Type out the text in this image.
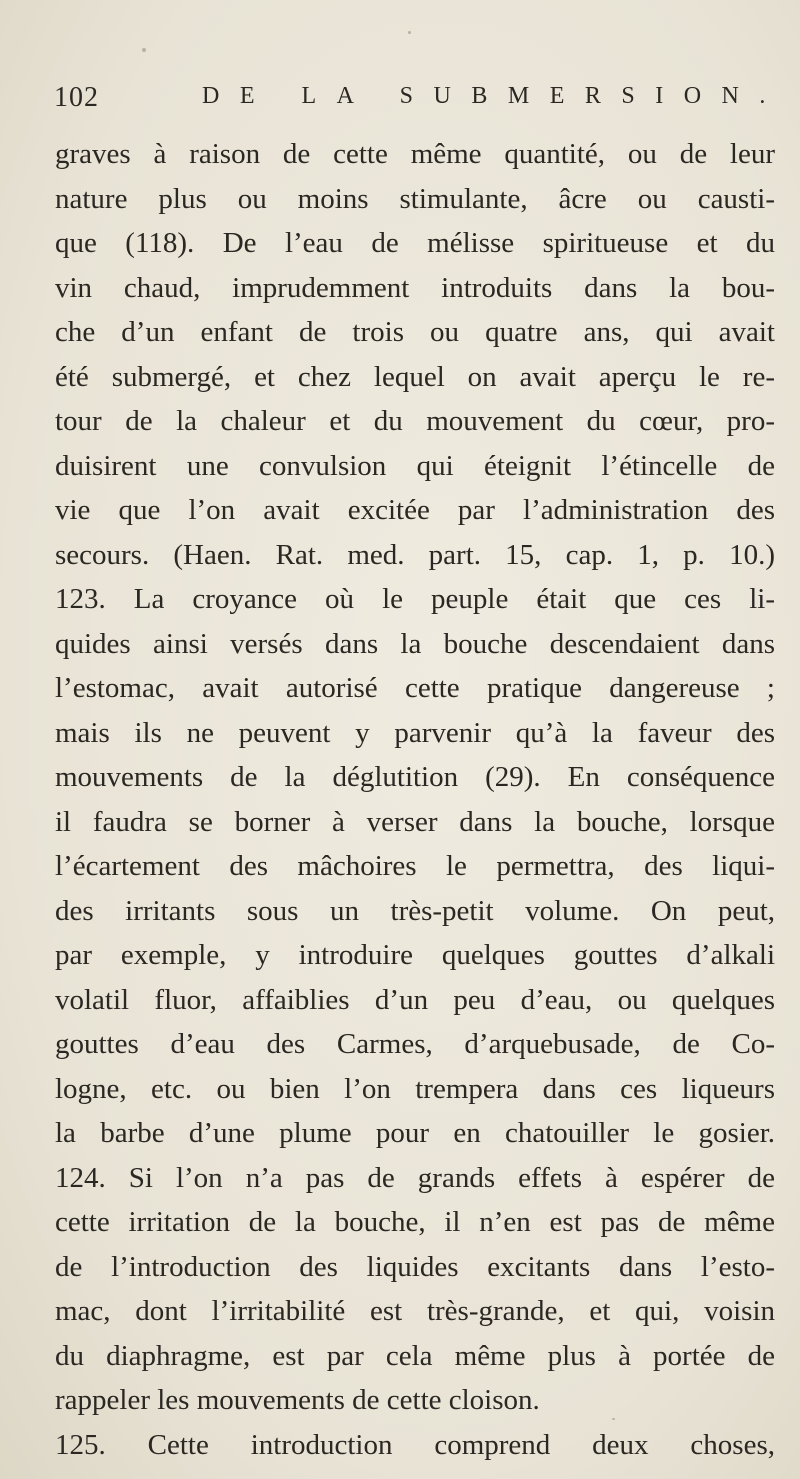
102	DE LA SUBMERSION.
graves à raison de cette même quantité, ou de leur
nature plus ou moins stimulante, âcre ou causti-
que (118). De l’eau de mélisse spiritueuse et du
vin chaud, imprudemment introduits dans la bou-
che d’un enfant de trois ou quatre ans, qui avait
été submergé, et chez lequel on avait aperçu le re-
tour de la chaleur et du mouvement du cœur, pro-
duisirent une convulsion qui éteignit l’étincelle de
vie que l’on avait excitée par l’administration des
secours. (Haen. Rat. med. part. 15, cap. 1, p. 10.)
123. La croyance où le peuple était que ces li-
quides ainsi versés dans la bouche descendaient dans
l’estomac, avait autorisé cette pratique dangereuse ;
mais ils ne peuvent y parvenir qu’à la faveur des
mouvements de la déglutition (29). En conséquence
il faudra se borner à verser dans la bouche, lorsque
l’écartement des mâchoires le permettra, des liqui-
des irritants sous un très-petit volume. On peut,
par exemple, y introduire quelques gouttes d’alkali
volatil fluor, affaiblies d’un peu d’eau, ou quelques
gouttes d’eau des Carmes, d’arquebusade, de Co-
logne, etc. ou bien l’on trempera dans ces liqueurs
la barbe d’une plume pour en chatouiller le gosier.
124. Si l’on n’a pas de grands effets à espérer de
cette irritation de la bouche, il n’en est pas de même
de l’introduction des liquides excitants dans l’esto-
mac, dont l’irritabilité est très-grande, et qui, voisin
du diaphragme, est par cela même plus à portée de
rappeler les mouvements de cette cloison.
125. Cette introduction comprend deux choses,
